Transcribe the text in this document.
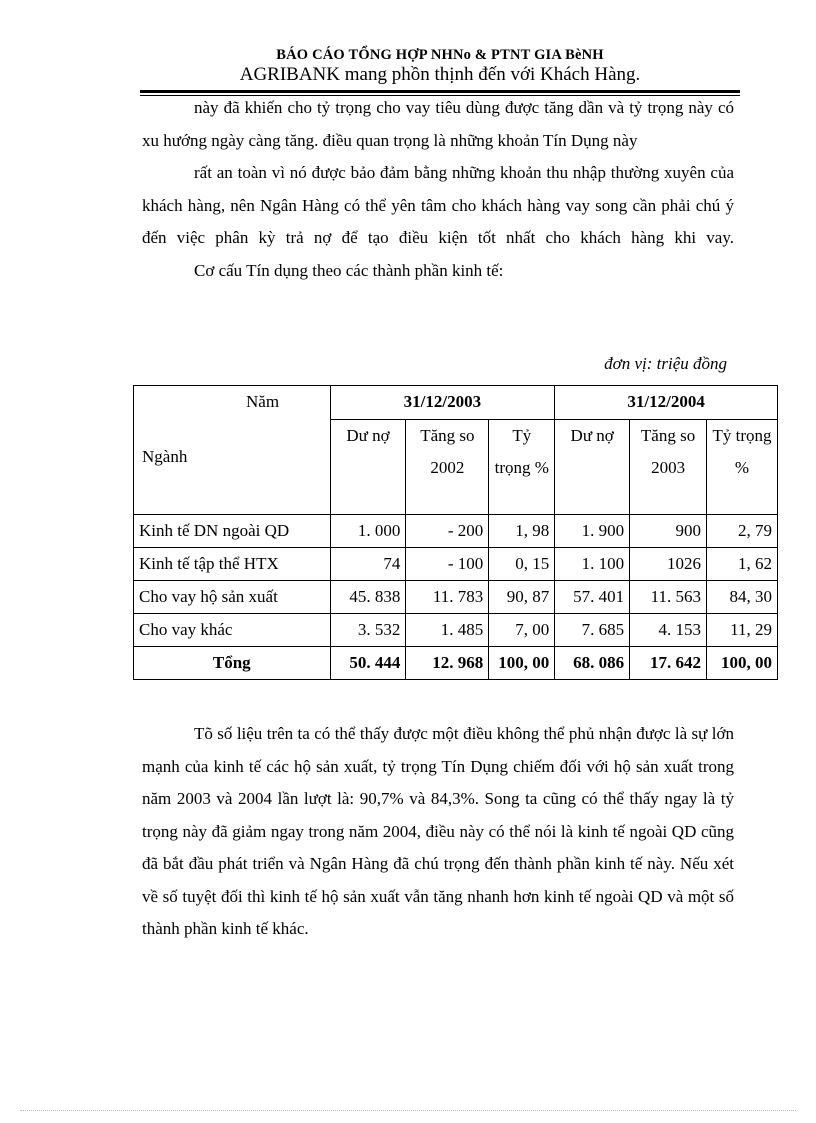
BÁO CÁO TỔNG HỢP NHNo & PTNT GIA BèNH
AGRIBANK mang phồn thịnh đến với Khách Hàng.

này đã khiến cho tỷ trọng cho vay tiêu dùng được tăng dần và tỷ trọng này có xu hướng ngày càng tăng. điều quan trọng là những khoản Tín Dụng này

rất an toàn vì nó được bảo đảm bằng những khoản thu nhập thường xuyên của khách hàng, nên Ngân Hàng có thể yên tâm cho khách hàng vay song cần phải chú ý đến việc phân kỳ trả nợ để tạo điều kiện tốt nhất cho khách hàng khi vay.

Cơ cấu Tín dụng theo các thành phần kinh tế:

đơn vị: triệu đồng
Năm
Ngành	31/12/2003			31/12/2004		
	Dư nợ	Tăng so 2002	Tỷ trọng %	Dư nợ	Tăng so 2003	Tỷ trọng %
Kinh tế DN ngoài QD	1. 000	- 200	1, 98	1. 900	900	2, 79
Kinh tế tập thể HTX	74	- 100	0, 15	1. 100	1026	1, 62
Cho vay hộ sản xuất	45. 838	11. 783	90, 87	57. 401	11. 563	84, 30
Cho vay khác	3. 532	1. 485	7, 00	7. 685	4. 153	11, 29
Tổng	50. 444	12. 968	100, 00	68. 086	17. 642	100, 00

Tõ số liệu trên ta có thể thấy được một điều không thể phủ nhận được là sự lớn mạnh của kinh tế các hộ sản xuất, tỷ trọng Tín Dụng chiếm đối với hộ sản xuất trong năm 2003 và 2004 lần lượt là: 90,7% và 84,3%. Song ta cũng có thể thấy ngay là tỷ trọng này đã giảm ngay trong năm 2004, điều này có thể nói là kinh tế ngoài QD cũng đã bắt đầu phát triển và Ngân Hàng đã chú trọng đến thành phần kinh tế này. Nếu xét về số tuyệt đối thì kinh tế hộ sản xuất vẫn tăng nhanh hơn kinh tế ngoài QD và một số thành phần kinh tế khác.
